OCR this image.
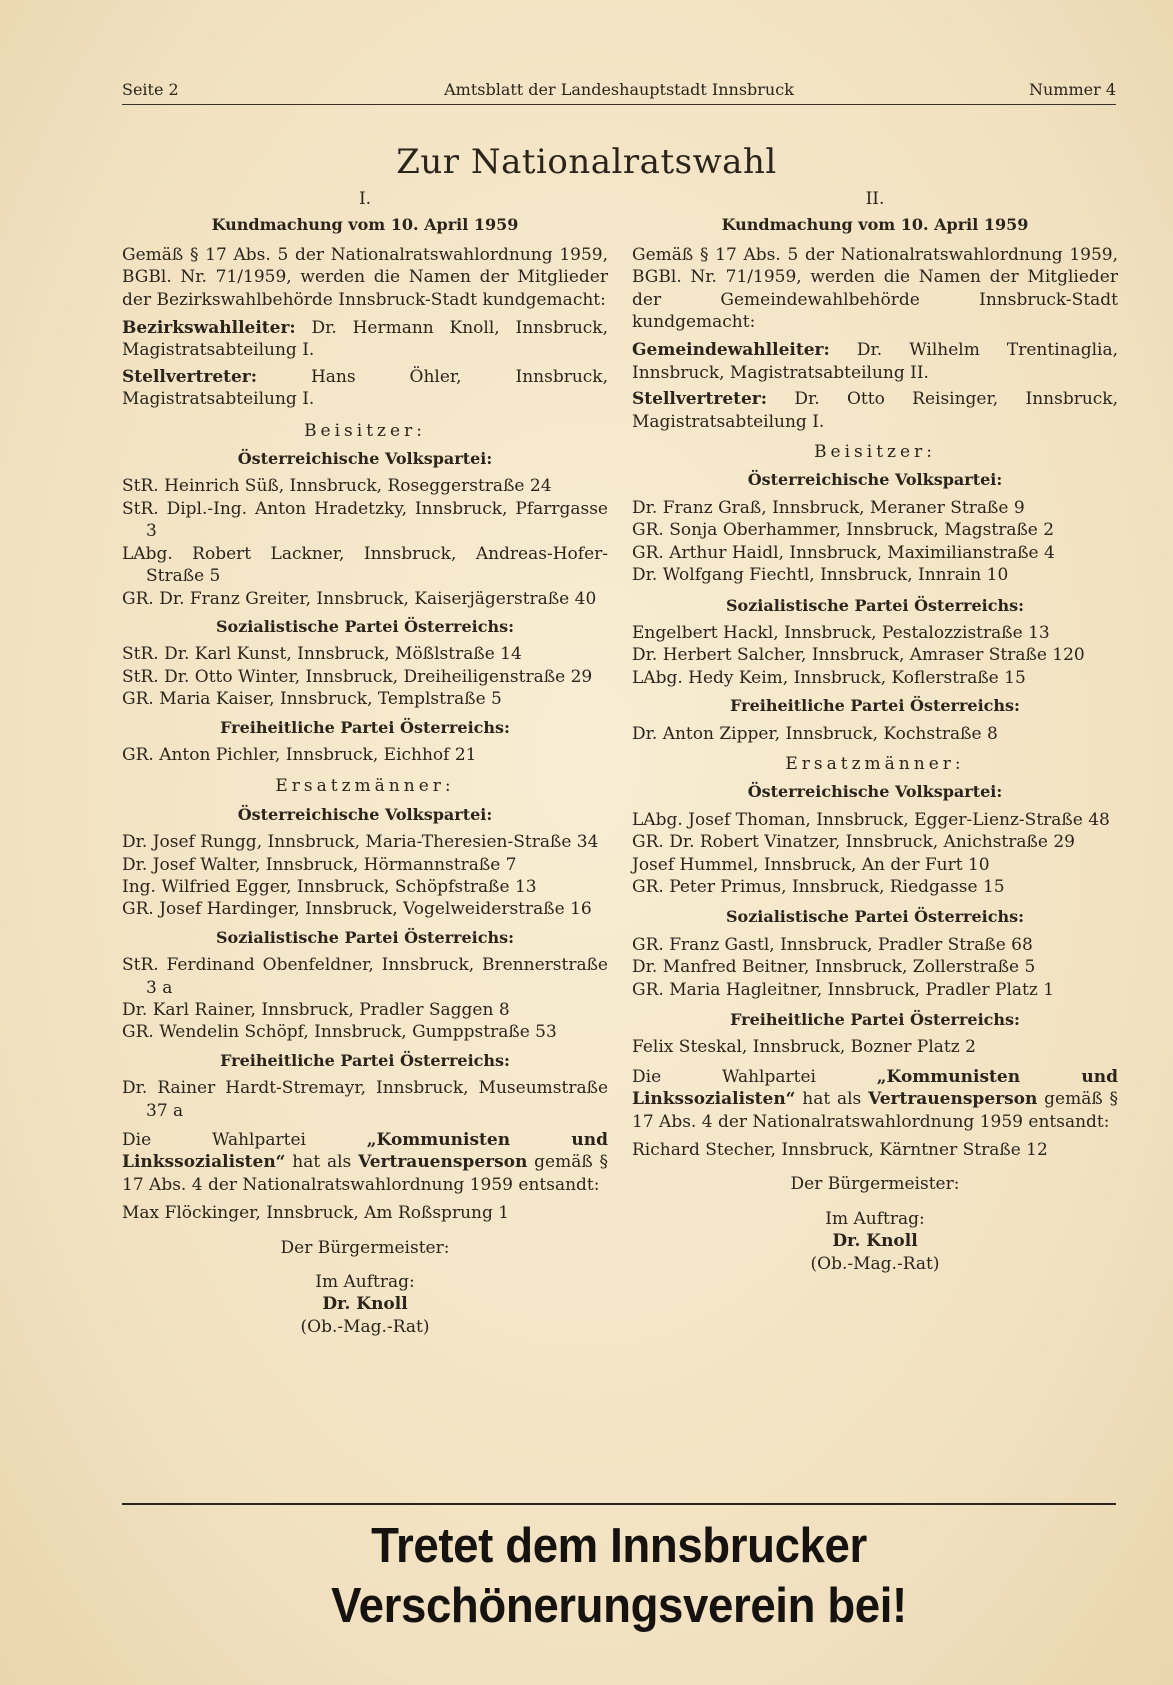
Amtsblatt der Landeshauptstadt Innsbruck
Seite 2	Nummer 4
Zur Nationalratswahl

I.

Kundmachung vom 10. April 1959

Gemäß § 17 Abs. 5 der Nationalratswahlordnung 1959, BGBl. Nr. 71/1959, werden die Namen der Mitglieder der Bezirkswahlbehörde Innsbruck-Stadt kundgemacht:

Bezirkswahlleiter: Dr. Hermann Knoll, Innsbruck, Magistratsabteilung I.

Stellvertreter:	Hans Öhler, Innsbruck, Magistratsabteilung I.

Beisitzer:

Österreichische Volkspartei:

StR. Heinrich Süß, Innsbruck, Roseggerstraße 24

StR. Dipl.-Ing. Anton Hradetzky, Innsbruck, Pfarrgasse 3

LAbg. Robert Lackner, Innsbruck, Andreas-Hofer-Straße 5

GR. Dr. Franz Greiter, Innsbruck, Kaiserjägerstraße 40

Sozialistische Partei Österreichs:

StR. Dr. Karl Kunst, Innsbruck, Mößlstraße 14

StR. Dr. Otto Winter, Innsbruck, Dreiheiligenstraße 29

GR. Maria Kaiser, Innsbruck, Templstraße 5

Freiheitliche Partei Österreichs:

GR. Anton Pichler, Innsbruck, Eichhof 21

Ersatzmänner:

Österreichische Volkspartei:

Dr. Josef Rungg, Innsbruck, Maria-Theresien-Straße 34

Dr. Josef Walter, Innsbruck, Hörmannstraße 7

Ing. Wilfried Egger, Innsbruck, Schöpfstraße 13

GR. Josef Hardinger, Innsbruck, Vogelweiderstraße 16

Sozialistische Partei Österreichs:

StR. Ferdinand Obenfeldner, Innsbruck, Brennerstraße 3 a

Dr. Karl Rainer, Innsbruck, Pradler Saggen 8

GR. Wendelin Schöpf, Innsbruck, Gumppstraße 53

Freiheitliche Partei Österreichs:

Dr. Rainer Hardt-Stremayr, Innsbruck, Museumstraße 37 a

Die Wahlpartei	„Kommunisten und Linkssozialisten“ hat als Vertrauensperson gemäß § 17 Abs. 4 der Nationalratswahlordnung 1959 entsandt:

Max Flöckinger, Innsbruck, Am Roßsprung 1

Der Bürgermeister:

Im Auftrag:

Dr. Knoll

(Ob.-Mag.-Rat)

II.

Kundmachung vom 10. April 1959

Gemäß § 17 Abs. 5 der Nationalratswahlordnung 1959, BGBl. Nr. 71/1959, werden die Namen der Mitglieder der Gemeindewahlbehörde Innsbruck-Stadt kundgemacht:

Gemeindewahlleiter: Dr. Wilhelm Trentinaglia, Innsbruck, Magistratsabteilung II.

Stellvertreter: Dr. Otto Reisinger, Innsbruck, Magistratsabteilung I.

Beisitzer:

Österreichische Volkspartei:

Dr. Franz Graß, Innsbruck, Meraner Straße 9

GR. Sonja Oberhammer, Innsbruck, Magstraße 2

GR. Arthur Haidl, Innsbruck, Maximilianstraße 4

Dr. Wolfgang Fiechtl, Innsbruck, Innrain 10

Sozialistische Partei Österreichs:

Engelbert Hackl, Innsbruck, Pestalozzistraße 13

Dr. Herbert Salcher, Innsbruck, Amraser Straße 120

LAbg. Hedy Keim, Innsbruck, Koflerstraße 15

Freiheitliche Partei Österreichs:

Dr. Anton Zipper, Innsbruck, Kochstraße 8

Ersatzmänner:

Österreichische Volkspartei:

LAbg. Josef Thoman, Innsbruck, Egger-Lienz-Straße 48

GR. Dr. Robert Vinatzer, Innsbruck, Anichstraße 29

Josef Hummel, Innsbruck, An der Furt 10

GR. Peter Primus, Innsbruck, Riedgasse 15

Sozialistische Partei Österreichs:

GR. Franz Gastl, Innsbruck, Pradler Straße 68

Dr. Manfred Beitner, Innsbruck, Zollerstraße 5

GR. Maria Hagleitner, Innsbruck, Pradler Platz 1

Freiheitliche Partei Österreichs:

Felix Steskal, Innsbruck, Bozner Platz 2

Die Wahlpartei	„Kommunisten und Linkssozialisten“ hat als Vertrauensperson gemäß § 17 Abs. 4 der Nationalratswahlordnung 1959 entsandt:

Richard Stecher, Innsbruck, Kärntner Straße 12

Der Bürgermeister:

Im Auftrag:

Dr. Knoll

(Ob.-Mag.-Rat)

Tretet dem Innsbrucker Verschönerungsverein bei!
